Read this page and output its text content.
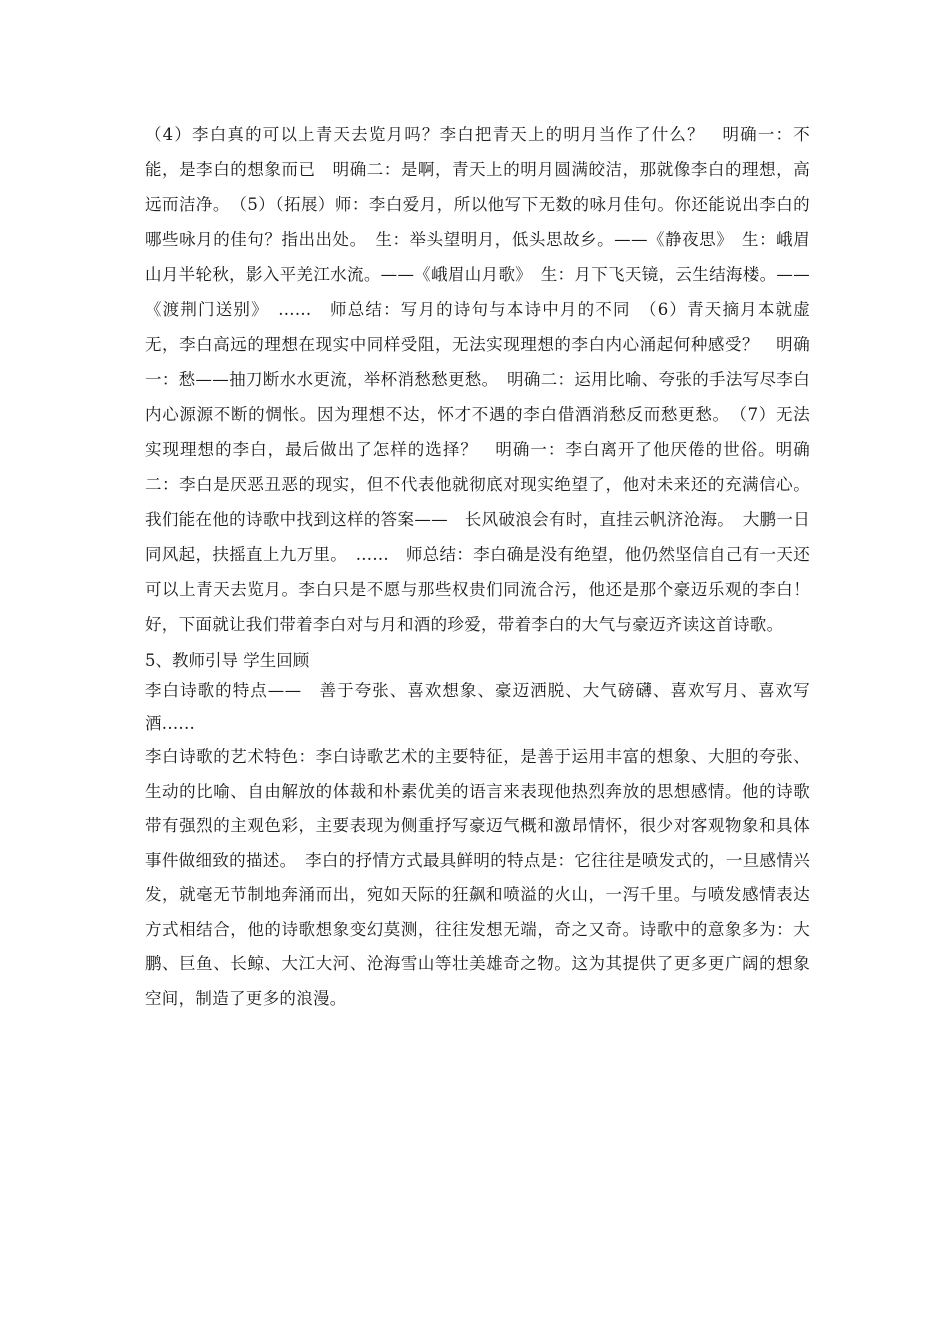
（4）李白真的可以上青天去览月吗？李白把青天上的明月当作了什么？　明确一：不能，是李白的想象而已　明确二：是啊，青天上的明月圆满皎洁，那就像李白的理想，高远而洁净。　（5）（拓展）师：李白爱月，所以他写下无数的咏月佳句。你还能说出李白的哪些咏月的佳句？指出出处。　生：举头望明月，低头思故乡。——《静夜思》　生：峨眉山月半轮秋，影入平羌江水流。——《峨眉山月歌》　生：月下飞天镜，云生结海楼。——《渡荆门送别》　......　师总结：写月的诗句与本诗中月的不同　（6）青天摘月本就虚无，李白高远的理想在现实中同样受阻，无法实现理想的李白内心涌起何种感受？　明确一：愁——抽刀断水水更流，举杯消愁愁更愁。　明确二：运用比喻、夸张的手法写尽李白内心源源不断的惆怅。因为理想不达，怀才不遇的李白借酒消愁反而愁更愁。　（7）无法实现理想的李白，最后做出了怎样的选择？　明确一：李白离开了他厌倦的世俗。明确二：李白是厌恶丑恶的现实，但不代表他就彻底对现实绝望了，他对未来还的充满信心。我们能在他的诗歌中找到这样的答案——　长风破浪会有时，直挂云帆济沧海。　大鹏一日同风起，扶摇直上九万里。　......　师总结：李白确是没有绝望，他仍然坚信自己有一天还可以上青天去览月。李白只是不愿与那些权贵们同流合污，他还是那个豪迈乐观的李白！好，下面就让我们带着李白对与月和酒的珍爱，带着李白的大气与豪迈齐读这首诗歌。

5、教师引导 学生回顾

李白诗歌的特点——　善于夸张、喜欢想象、豪迈洒脱、大气磅礴、喜欢写月、喜欢写酒......

李白诗歌的艺术特色：李白诗歌艺术的主要特征，是善于运用丰富的想象、大胆的夸张、生动的比喻、自由解放的体裁和朴素优美的语言来表现他热烈奔放的思想感情。他的诗歌带有强烈的主观色彩，主要表现为侧重抒写豪迈气概和激昂情怀，很少对客观物象和具体事件做细致的描述。　李白的抒情方式最具鲜明的特点是：它往往是喷发式的，一旦感情兴发，就毫无节制地奔涌而出，宛如天际的狂飙和喷溢的火山，一泻千里。与喷发感情表达方式相结合，他的诗歌想象变幻莫测，往往发想无端，奇之又奇。诗歌中的意象多为：大鹏、巨鱼、长鲸、大江大河、沧海雪山等壮美雄奇之物。这为其提供了更多更广阔的想象空间，制造了更多的浪漫。
